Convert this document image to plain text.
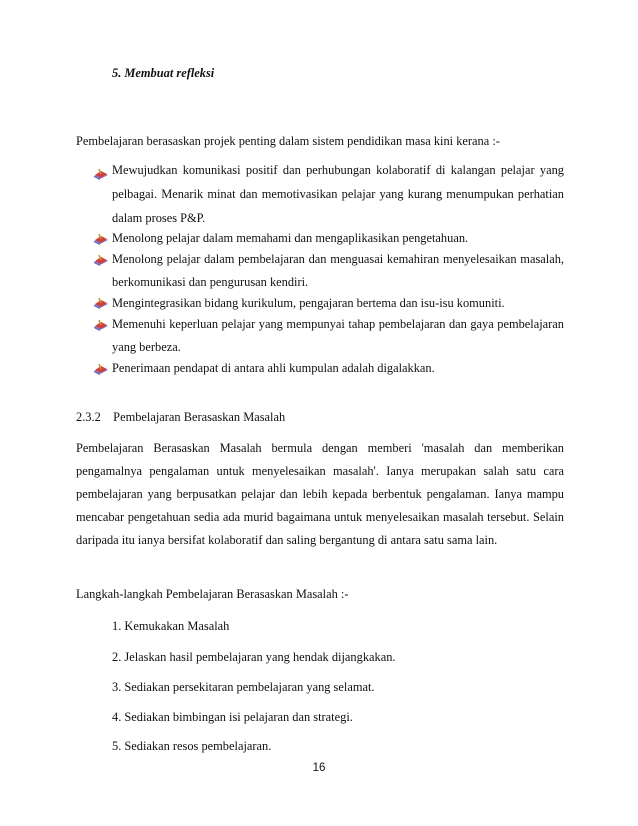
5. Membuat refleksi
Pembelajaran berasaskan projek penting dalam sistem pendidikan masa kini kerana :-
Mewujudkan komunikasi positif dan perhubungan kolaboratif di kalangan pelajar yang
pelbagai. Menarik minat dan memotivasikan pelajar yang kurang menumpukan perhatian
dalam proses P&P.
Menolong pelajar dalam memahami dan mengaplikasikan pengetahuan.
Menolong pelajar dalam pembelajaran dan menguasai kemahiran menyelesaikan masalah,
berkomunikasi dan pengurusan kendiri.
Mengintegrasikan bidang kurikulum, pengajaran bertema dan isu-isu komuniti.
Memenuhi keperluan pelajar yang mempunyai tahap pembelajaran dan gaya pembelajaran
yang berbeza.
Penerimaan pendapat di antara ahli kumpulan adalah digalakkan.
2.3.2    Pembelajaran Berasaskan Masalah
Pembelajaran Berasaskan Masalah bermula dengan memberi 'masalah dan memberikan
pengamalnya pengalaman untuk menyelesaikan masalah'. Ianya merupakan salah satu cara
pembelajaran yang berpusatkan pelajar dan lebih kepada berbentuk pengalaman. Ianya mampu
mencabar pengetahuan sedia ada murid bagaimana untuk menyelesaikan masalah tersebut. Selain
daripada itu ianya bersifat kolaboratif dan saling bergantung di antara satu sama lain.
Langkah-langkah Pembelajaran Berasaskan Masalah :-
1. Kemukakan Masalah
2. Jelaskan hasil pembelajaran yang hendak dijangkakan.
3. Sediakan persekitaran pembelajaran yang selamat.
4. Sediakan bimbingan isi pelajaran dan strategi.
5. Sediakan resos pembelajaran.
16
